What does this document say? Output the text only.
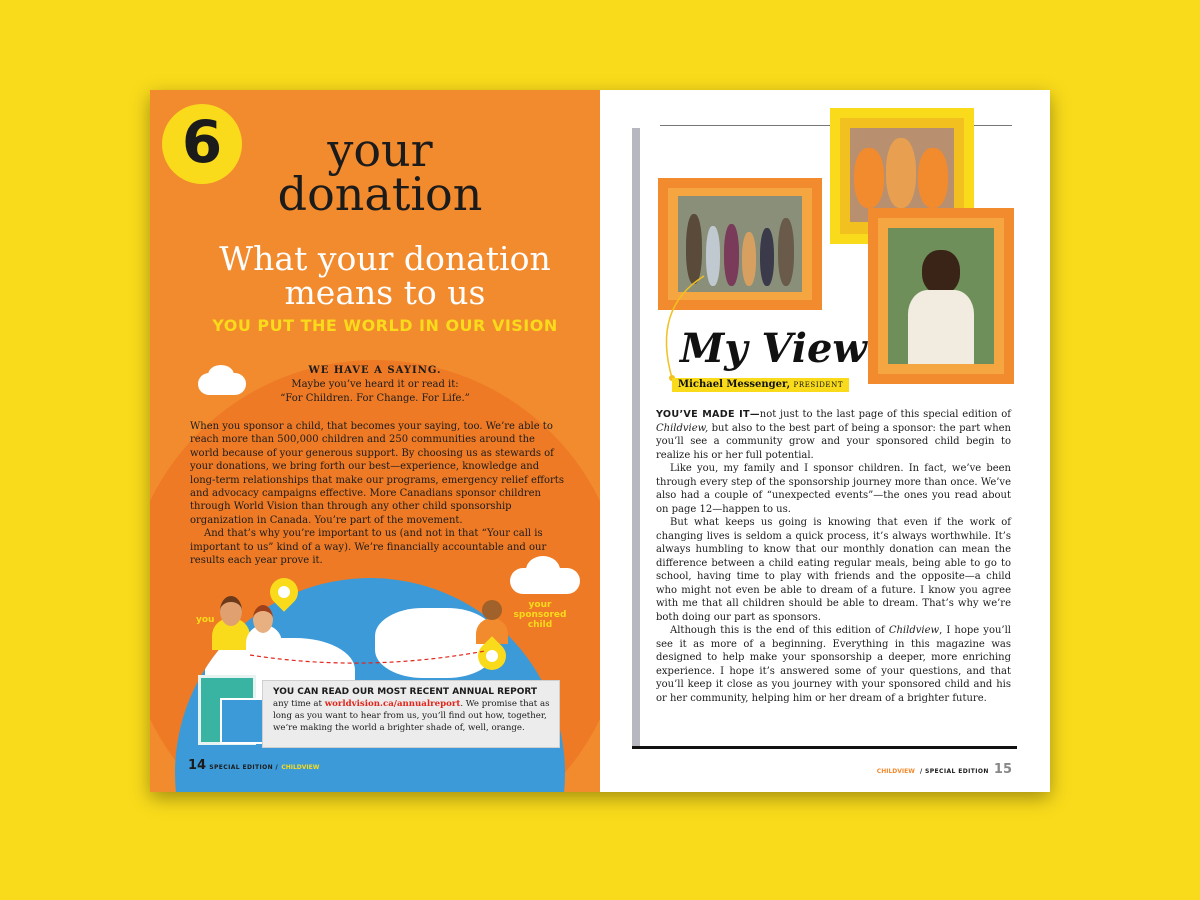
6	your
donation
What your donation
means to us
YOU PUT THE WORLD IN OUR VISION
WE HAVE A SAYING.
Maybe you’ve heard it or read it:
“For Children. For Change. For Life.”

When you sponsor a child, that becomes your saying, too. We’re able to reach more than 500,000 children and 250 communities around the world because of your generous support. By choosing us as stewards of your donations, we bring forth our best—experience, knowledge and long-term relationships that make our programs, emergency relief efforts and advocacy campaigns effective. More Canadians sponsor children through World Vision than through any other child sponsorship organization in Canada. You’re part of the movement.

And that’s why you’re important to us (and not in that “Your call is important to us” kind of a way). We’re financially accountable and our results each year prove it.

you
your
sponsored
child
YOU CAN READ OUR MOST RECENT ANNUAL REPORT
any time at worldvision.ca/annualreport. We promise that as long as you want to hear from us, you’ll find out how, together, we’re making the world a brighter shade of, well, orange.
14 SPECIAL EDITION / CHILDVIEW
My View
Michael Messenger, PRESIDENT

YOU’VE MADE IT—not just to the last page of this special edition of Childview, but also to the best part of being a sponsor: the part when you’ll see a community grow and your sponsored child begin to realize his or her full potential.

Like you, my family and I sponsor children. In fact, we’ve been through every step of the sponsorship journey more than once. We’ve also had a couple of “unexpected events”—the ones you read about on page 12—happen to us.

But what keeps us going is knowing that even if the work of changing lives is seldom a quick process, it’s always worthwhile. It’s always humbling to know that our monthly donation can mean the difference between a child eating regular meals, being able to go to school, having time to play with friends and the opposite—a child who might not even be able to dream of a future. I know you agree with me that all children should be able to dream. That’s why we’re both doing our part as sponsors.

Although this is the end of this edition of Childview, I hope you’ll see it as more of a beginning. Everything in this magazine was designed to help make your sponsorship a deeper, more enriching experience. I hope it’s answered some of your questions, and that you’ll keep it close as you journey with your sponsored child and his or her community, helping him or her dream of a brighter future.

CHILDVIEW / SPECIAL EDITION 15
